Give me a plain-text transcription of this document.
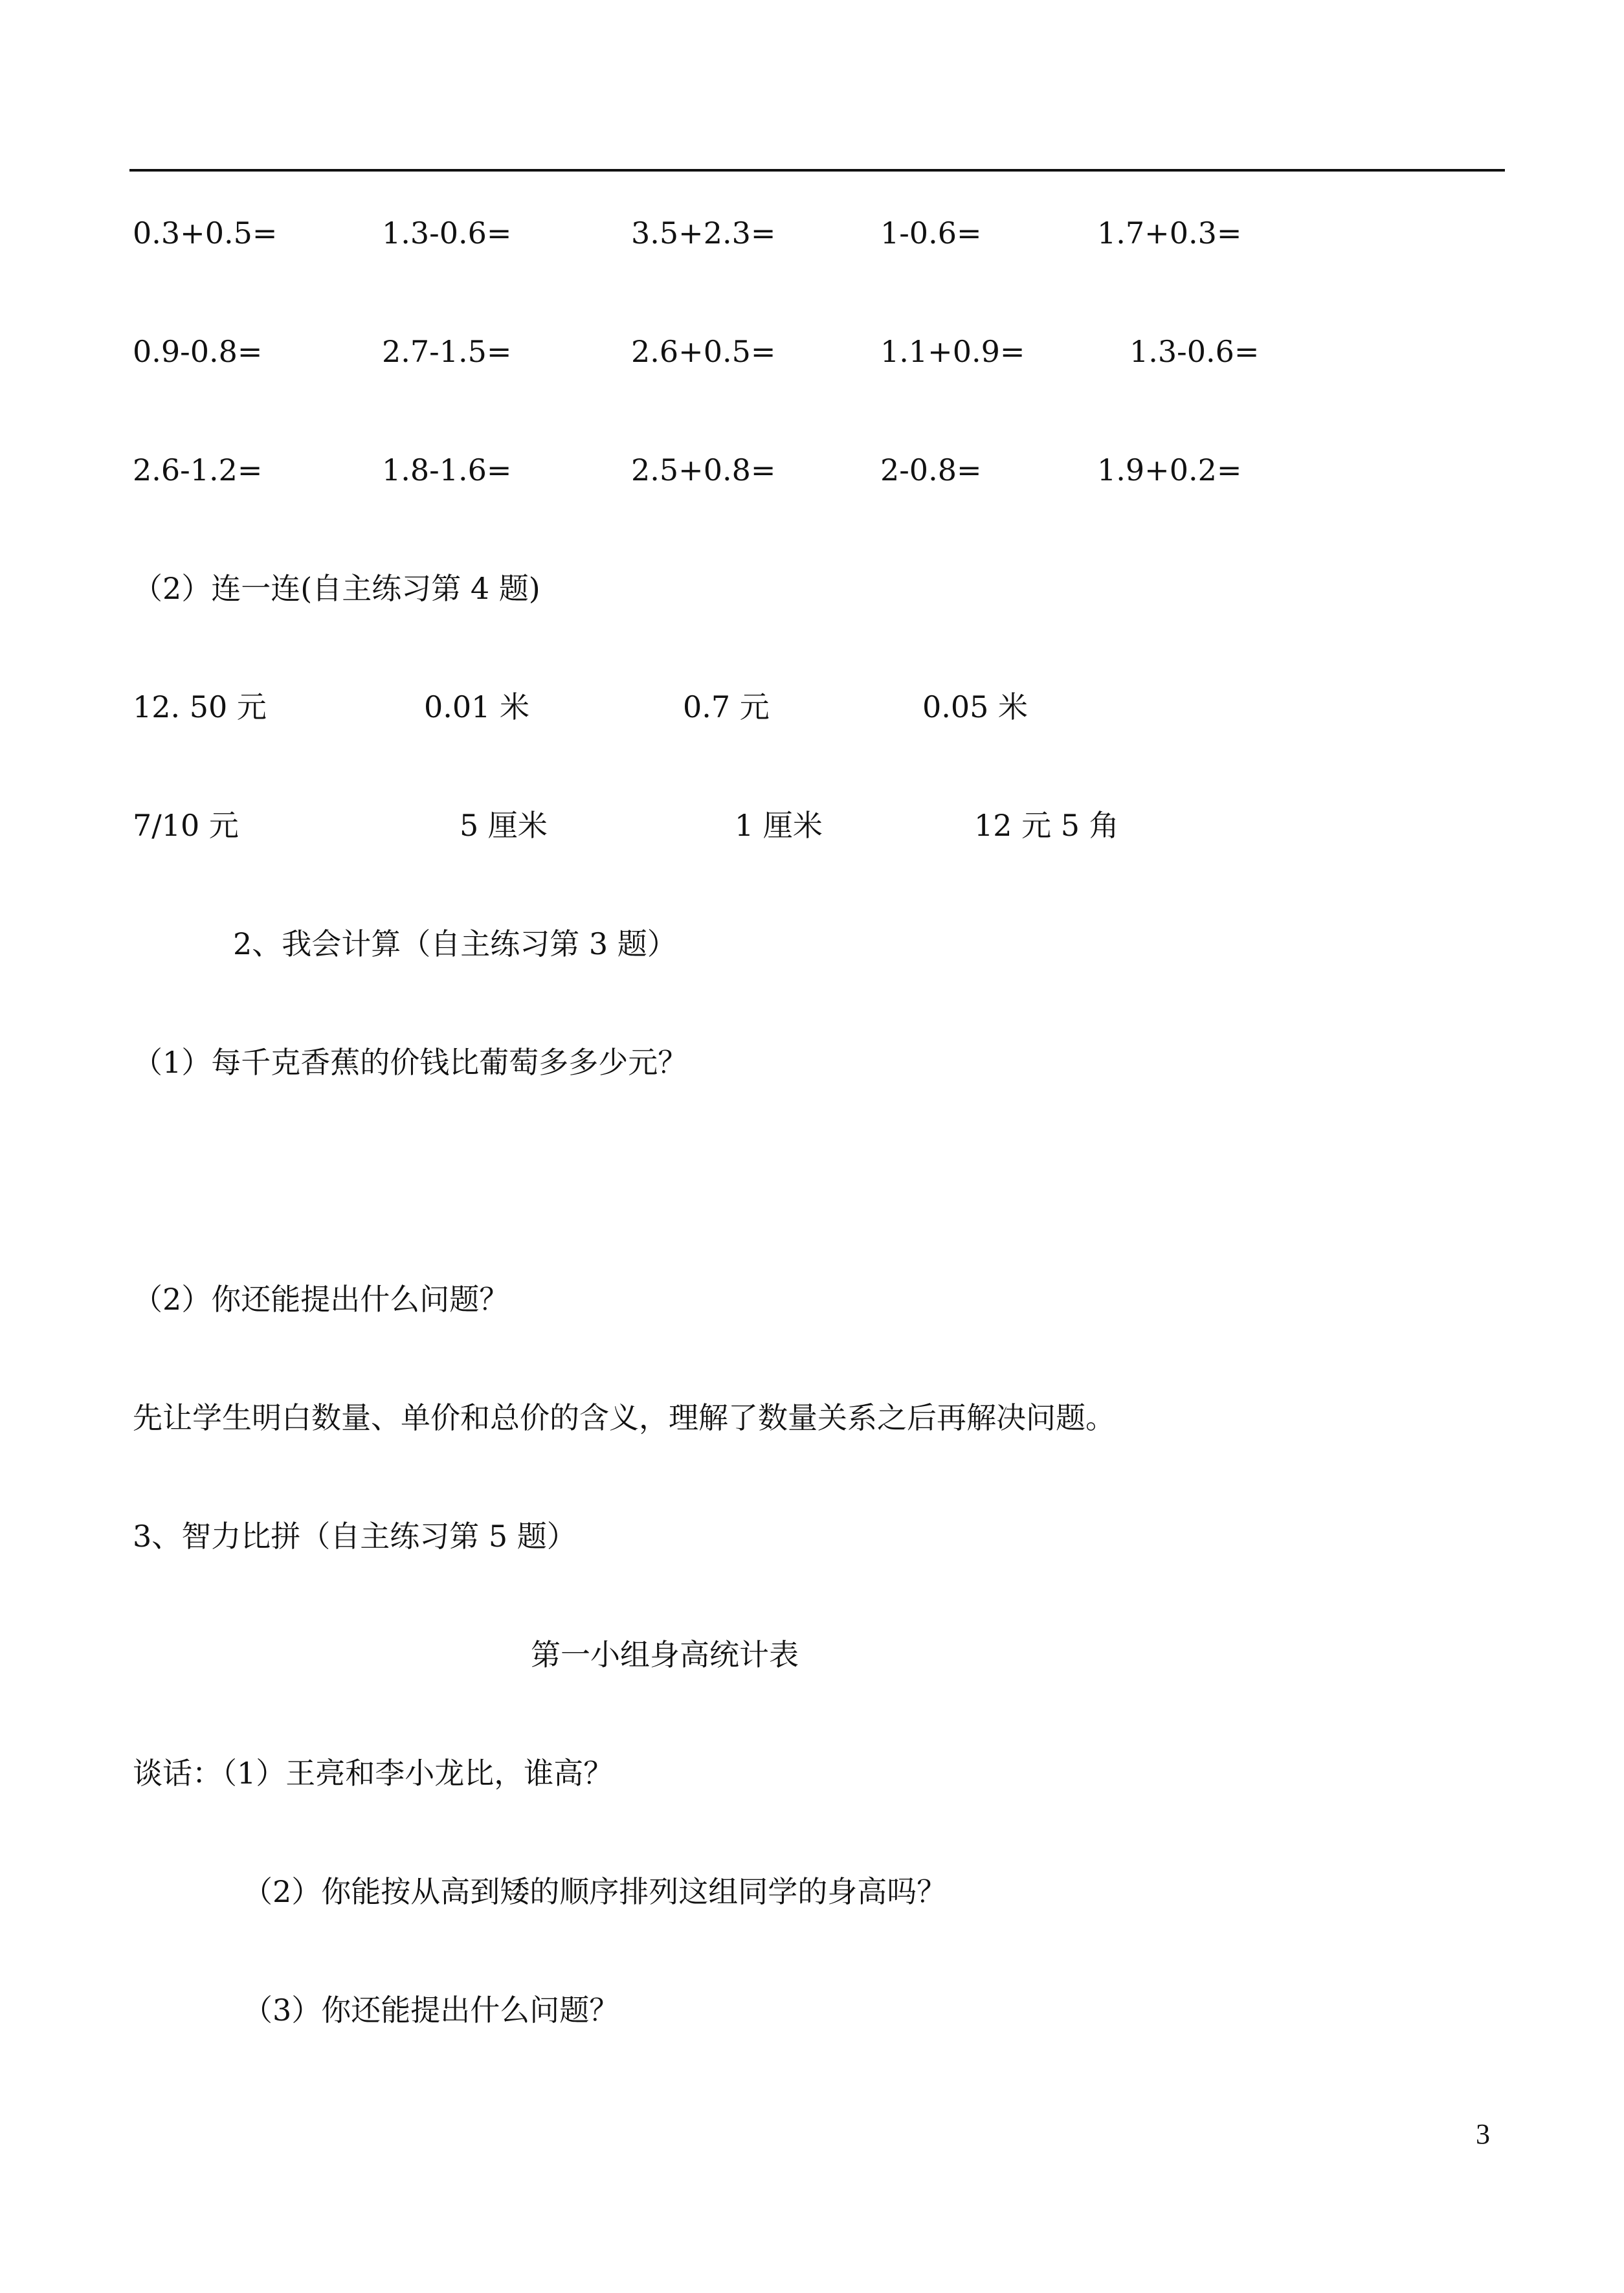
0.3+0.5=	1.3-0.6=	3.5+2.3=	1-0.6=	1.7+0.3=
0.9-0.8=	2.7-1.5=	2.6+0.5=	1.1+0.9=	1.3-0.6=
2.6-1.2=	1.8-1.6=	2.5+0.8=	2-0.8=	1.9+0.2=
（2）连一连(自主练习第 4 题)
12. 50 元	0.01 米	0.7 元	0.05 米
7/10 元	5 厘米	1 厘米	12 元 5 角
2、我会计算（自主练习第 3 题）
（1）每千克香蕉的价钱比葡萄多多少元？
（2）你还能提出什么问题？
先让学生明白数量、单价和总价的含义，理解了数量关系之后再解决问题。
3、智力比拼（自主练习第 5 题）
第一小组身高统计表
谈话：（1）王亮和李小龙比，谁高？
（2）你能按从高到矮的顺序排列这组同学的身高吗？
（3）你还能提出什么问题？
3
